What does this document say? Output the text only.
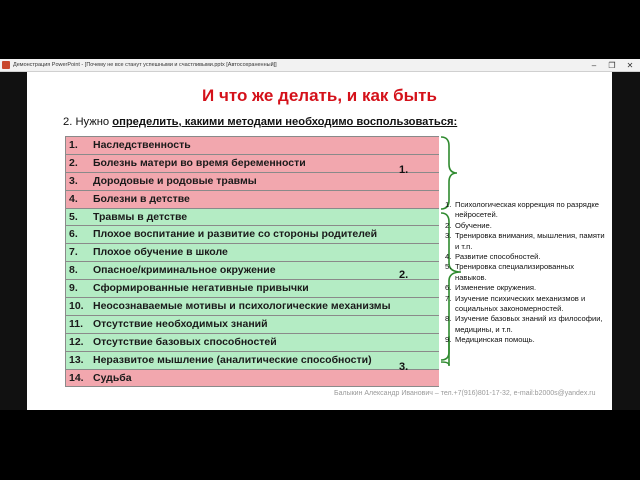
Демонстрация PowerPoint - [Почему не все станут успешными и счастливыми.pptx [Автосохраненный]]	– ❐ ✕
И что же делать, и как быть
2. Нужно определить, какими методами необходимо воспользоваться:
1.	Наследственность
2.	Болезнь матери во время беременности
3.	Дородовые и родовые травмы
4.	Болезни в детстве
5.	Травмы в детстве
6.	Плохое воспитание и развитие со стороны родителей
7.	Плохое обучение в школе
8.	Опасное/криминальное окружение
9.	Сформированные негативные привычки
10. Неосознаваемые мотивы и психологические механизмы
11. Отсутствие необходимых знаний
12. Отсутствие базовых способностей
13. Неразвитое мышление (аналитические способности)
14. Судьба
1.
2.
3.
1. Психологическая коррекция по разрядке нейросетей.
2. Обучение.
3. Тренировка внимания, мышления, памяти и т.п.
4. Развитие способностей.
5. Тренировка специализированных навыков.
6. Изменение окружения.
7. Изучение психических механизмов и социальных закономерностей.
8. Изучение базовых знаний из философии, медицины, и т.п.
9. Медицинская помощь.
Балыкин Александр Иванович – тел.+7(916)801-17-32, e-mail:b2000s@yandex.ru
